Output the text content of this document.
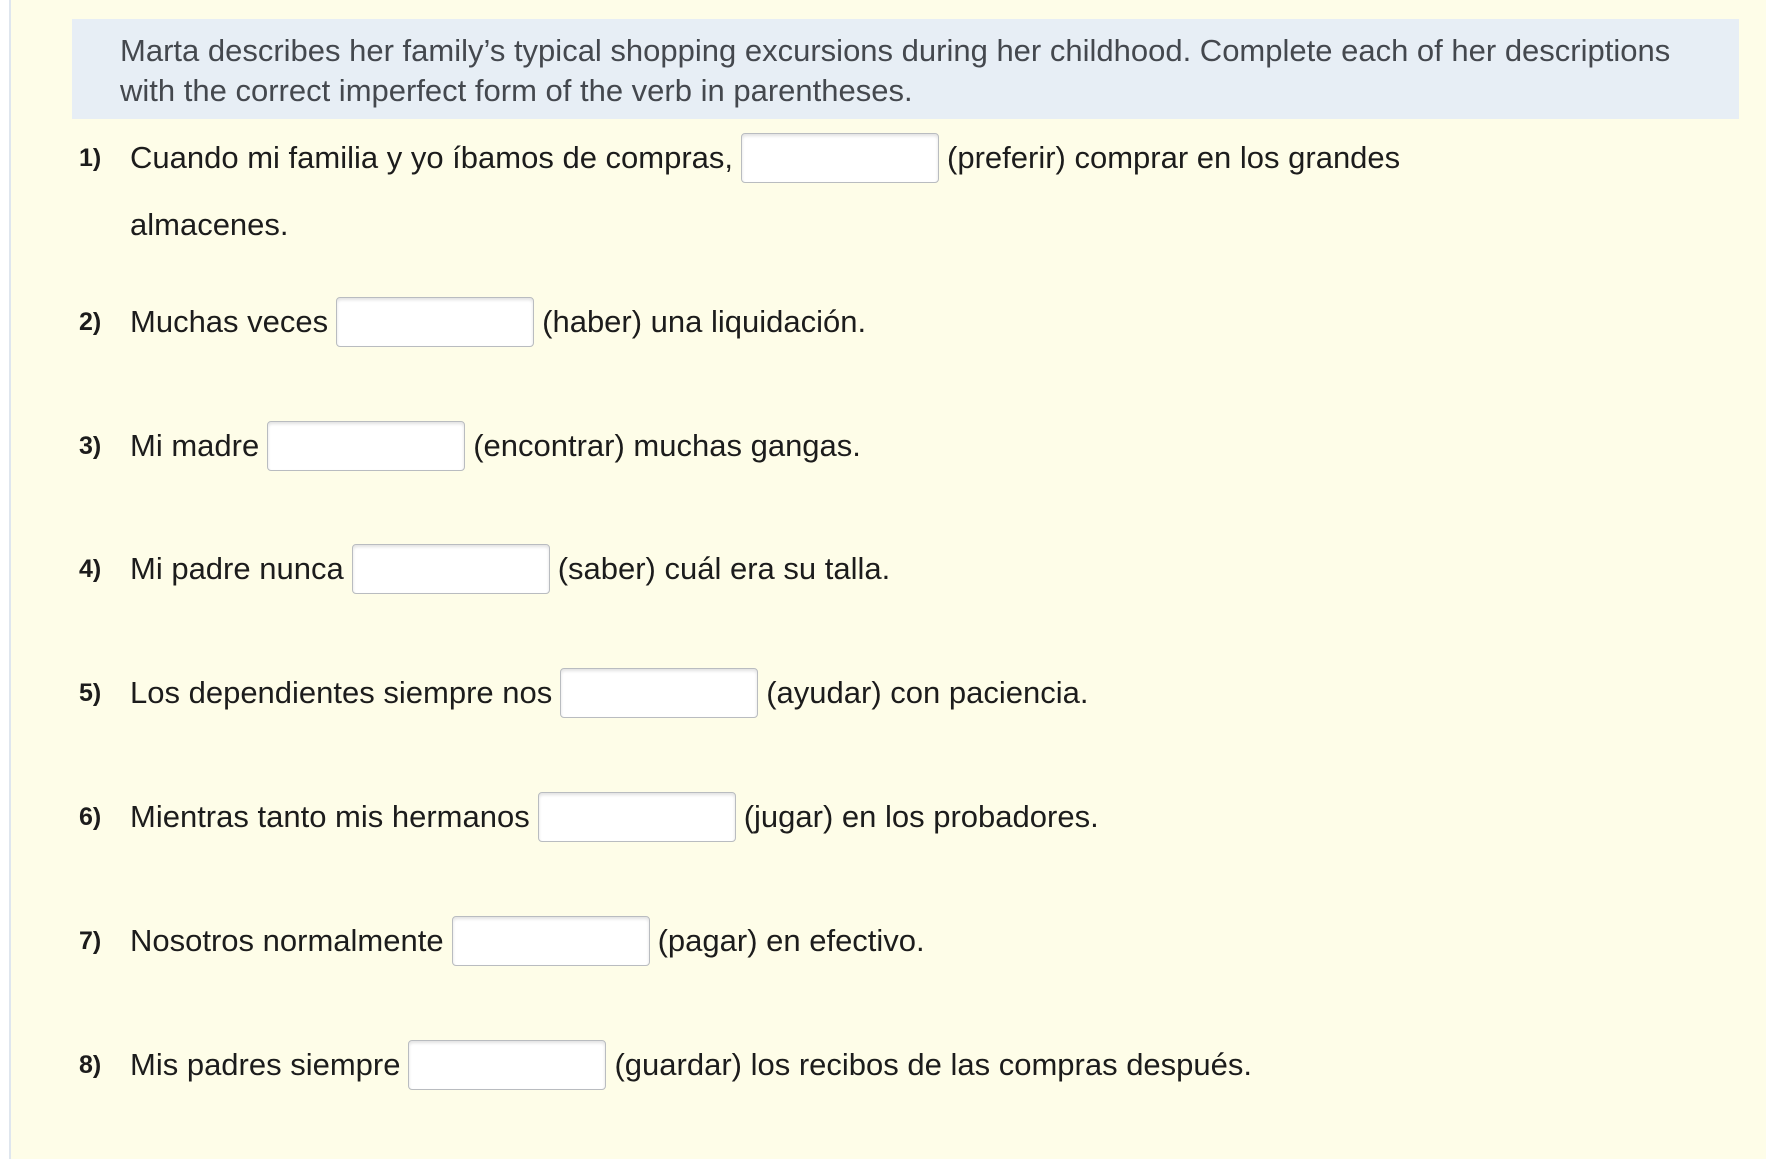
Marta describes her family’s typical shopping excursions during her childhood. Complete each of her descriptions with the correct imperfect form of the verb in parentheses.
1) Cuando mi familia y yo íbamos de compras,	(preferir) comprar en los grandes
almacenes.
2) Muchas veces	(haber) una liquidación.
3) Mi madre	(encontrar) muchas gangas.
4) Mi padre nunca	(saber) cuál era su talla.
5) Los dependientes siempre nos	(ayudar) con paciencia.
6) Mientras tanto mis hermanos	(jugar) en los probadores.
7) Nosotros normalmente	(pagar) en efectivo.
8) Mis padres siempre	(guardar) los recibos de las compras después.
